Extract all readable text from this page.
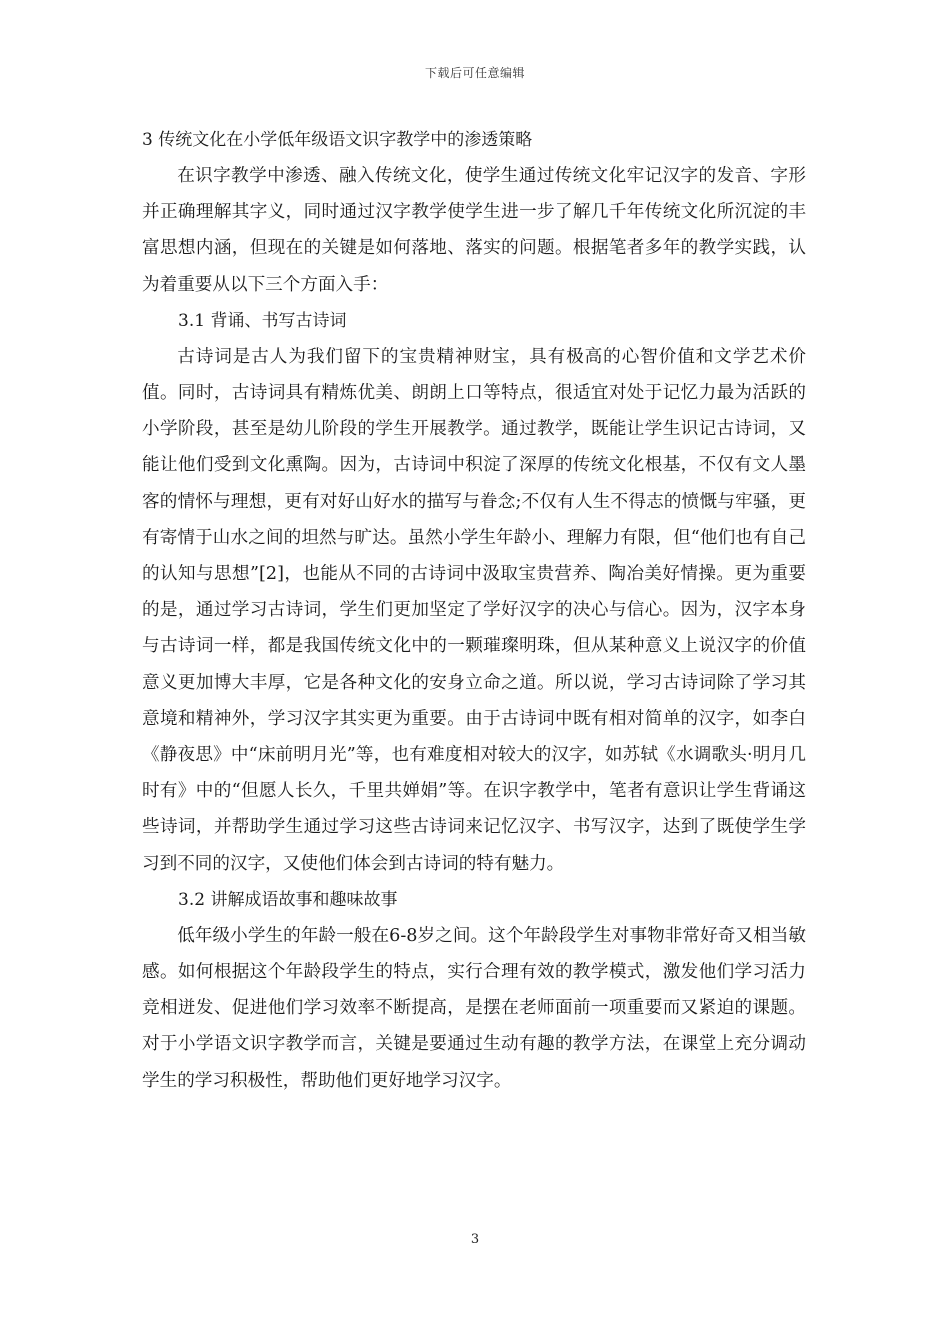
下载后可任意编辑

3 传统文化在小学低年级语文识字教学中的渗透策略

在识字教学中渗透、融入传统文化，使学生通过传统文化牢记汉字的发音、字形并正确理解其字义，同时通过汉字教学使学生进一步了解几千年传统文化所沉淀的丰富思想内涵，但现在的关键是如何落地、落实的问题。根据笔者多年的教学实践，认为着重要从以下三个方面入手：

3.1 背诵、书写古诗词

古诗词是古人为我们留下的宝贵精神财宝，具有极高的心智价值和文学艺术价值。同时，古诗词具有精炼优美、朗朗上口等特点，很适宜对处于记忆力最为活跃的小学阶段，甚至是幼儿阶段的学生开展教学。通过教学，既能让学生识记古诗词，又能让他们受到文化熏陶。因为，古诗词中积淀了深厚的传统文化根基，不仅有文人墨客的情怀与理想，更有对好山好水的描写与眷念;不仅有人生不得志的愤慨与牢骚，更有寄情于山水之间的坦然与旷达。虽然小学生年龄小、理解力有限，但“他们也有自己的认知与思想”[2]，也能从不同的古诗词中汲取宝贵营养、陶冶美好情操。更为重要的是，通过学习古诗词，学生们更加坚定了学好汉字的决心与信心。因为，汉字本身与古诗词一样，都是我国传统文化中的一颗璀璨明珠，但从某种意义上说汉字的价值意义更加博大丰厚，它是各种文化的安身立命之道。所以说，学习古诗词除了学习其意境和精神外，学习汉字其实更为重要。由于古诗词中既有相对简单的汉字，如李白《静夜思》中“床前明月光”等，也有难度相对较大的汉字，如苏轼《水调歌头·明月几时有》中的“但愿人长久，千里共婵娟”等。在识字教学中，笔者有意识让学生背诵这些诗词，并帮助学生通过学习这些古诗词来记忆汉字、书写汉字，达到了既使学生学习到不同的汉字，又使他们体会到古诗词的特有魅力。

3.2 讲解成语故事和趣味故事

低年级小学生的年龄一般在6-8岁之间。这个年龄段学生对事物非常好奇又相当敏感。如何根据这个年龄段学生的特点，实行合理有效的教学模式，激发他们学习活力竞相迸发、促进他们学习效率不断提高，是摆在老师面前一项重要而又紧迫的课题。对于小学语文识字教学而言，关键是要通过生动有趣的教学方法，在课堂上充分调动学生的学习积极性，帮助他们更好地学习汉字。

3
